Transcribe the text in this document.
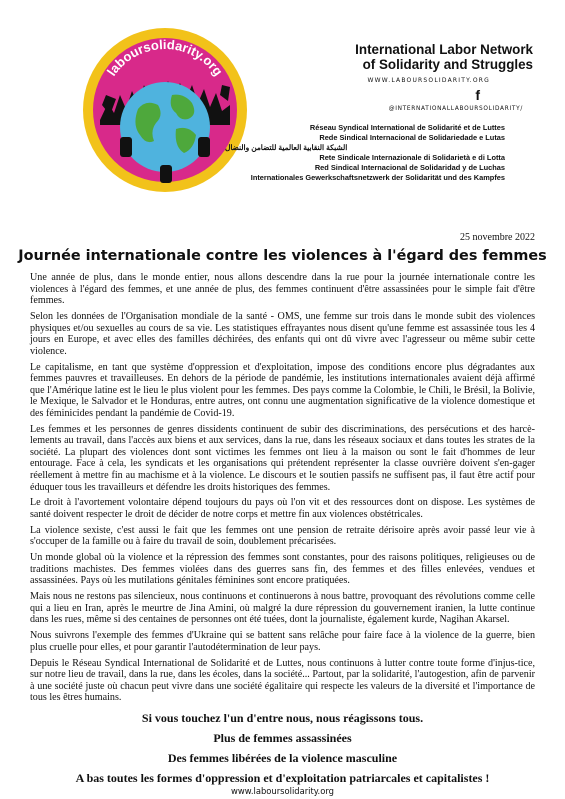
laboursolidarity.org
International Labor Network
of Solidarity and Struggles
WWW.LABOURSOLIDARITY.ORG
f
@INTERNATIONALLABOURSOLIDARITY/
Réseau Syndical International de Solidarité et de Luttes
Rede Sindical Internacional de Solidariedade e Lutas
الشبكة النقابية العالمية للتضامن والنضال
Rete Sindicale Internazionale di Solidarietà e di Lotta
Red Sindical Internacional de Solidaridad y de Luchas
Internationales Gewerkschaftsnetzwerk der Solidarität und des Kampfes
25 novembre 2022
Journée internationale contre les violences à l'égard des femmes

Une année de plus, dans le monde entier, nous allons descendre dans la rue pour la journée internationale contre les violences à l'égard des femmes, et une année de plus, des femmes continuent d'être assassinées pour le simple fait d'être femmes.

Selon les données de l'Organisation mondiale de la santé - OMS, une femme sur trois dans le monde subit des violences physiques et/ou sexuelles au cours de sa vie. Les statistiques effrayantes nous disent qu'une femme est assassinée tous les 4 jours en Europe, et avec elles des familles déchirées, des enfants qui ont dû vivre avec l'agresseur ou même subir cette violence.

Le capitalisme, en tant que système d'oppression et d'exploitation, impose des conditions encore plus dégradantes aux femmes pauvres et travailleuses. En dehors de la période de pandémie, les institutions internationales avaient déjà affirmé que l'Amérique latine est le lieu le plus violent pour les femmes. Des pays comme la Colombie, le Chili, le Brésil, la Bolivie, le Mexique, le Salvador et le Honduras, entre autres, ont connu une augmentation significative de la violence domestique et des féminicides pendant la pandémie de Covid-19.

Les femmes et les personnes de genres dissidents continuent de subir des discriminations, des persécutions et des harcè-lements au travail, dans l'accès aux biens et aux services, dans la rue, dans les réseaux sociaux et dans toutes les strates de la société. La plupart des violences dont sont victimes les femmes ont lieu à la maison ou sont le fait d'hommes de leur entourage. Face à cela, les syndicats et les organisations qui prétendent représenter la classe ouvrière doivent s'en-gager réellement à mettre fin au machisme et à la violence. Le discours et le soutien passifs ne suffisent pas, il faut être actif pour éduquer tous les travailleurs et défendre les droits historiques des femmes.

Le droit à l'avortement volontaire dépend toujours du pays où l'on vit et des ressources dont on dispose. Les systèmes de santé doivent respecter le droit de décider de notre corps et mettre fin aux violences obstétricales.

La violence sexiste, c'est aussi le fait que les femmes ont une pension de retraite dérisoire après avoir passé leur vie à s'occuper de la famille ou à faire du travail de soin, doublement précarisées.

Un monde global où la violence et la répression des femmes sont constantes, pour des raisons politiques, religieuses ou de traditions machistes. Des femmes violées dans des guerres sans fin, des femmes et des filles enlevées, vendues et assassinées. Pays où les mutilations génitales féminines sont encore pratiquées.

Mais nous ne restons pas silencieux, nous continuons et continuerons à nous battre, provoquant des révolutions comme celle qui a lieu en Iran, après le meurtre de Jina Amini, où malgré la dure répression du gouvernement iranien, la lutte continue dans les rues, même si des centaines de personnes ont été tuées, dont la journaliste, également kurde, Nagihan Akarsel.

Nous suivrons l'exemple des femmes d'Ukraine qui se battent sans relâche pour faire face à la violence de la guerre, bien plus cruelle pour elles, et pour garantir l'autodétermination de leur pays.

Depuis le Réseau Syndical International de Solidarité et de Luttes, nous continuons à lutter contre toute forme d'injus-tice, sur notre lieu de travail, dans la rue, dans les écoles, dans la société... Partout, par la solidarité, l'autogestion, afin de parvenir à une société juste où chacun peut vivre dans une société égalitaire qui respecte les valeurs de la diversité et l'importance de tous les êtres humains.

Si vous touchez l'un d'entre nous, nous réagissons tous.
Plus de femmes assassinées
Des femmes libérées de la violence masculine
A bas toutes les formes d'oppression et d'exploitation patriarcales et capitalistes !
www.laboursolidarity.org
